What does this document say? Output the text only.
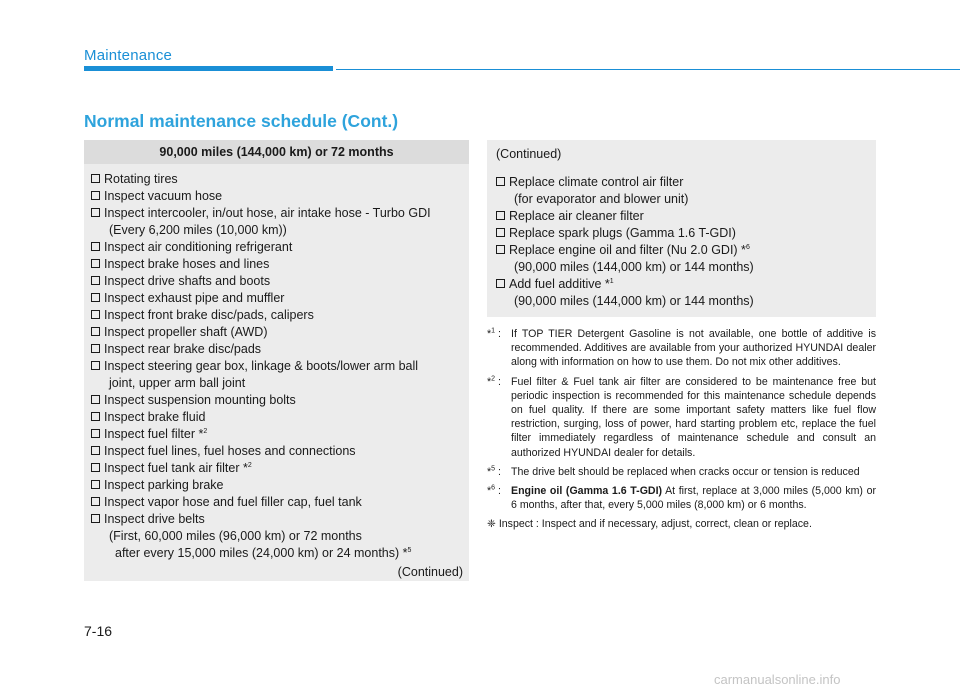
Maintenance
Normal maintenance schedule (Cont.)
90,000 miles (144,000 km) or 72 months
Rotating tires
Inspect vacuum hose
Inspect intercooler, in/out hose, air intake hose - Turbo GDI
(Every 6,200 miles (10,000 km))
Inspect air conditioning refrigerant
Inspect brake hoses and lines
Inspect drive shafts and boots
Inspect exhaust pipe and muffler
Inspect front brake disc/pads, calipers
Inspect propeller shaft (AWD)
Inspect rear brake disc/pads
Inspect steering gear box, linkage & boots/lower arm ball
joint, upper arm ball joint
Inspect suspension mounting bolts
Inspect brake fluid
Inspect fuel filter *$^2$
Inspect fuel lines, fuel hoses and connections
Inspect fuel tank air filter *$^2$
Inspect parking brake
Inspect vapor hose and fuel filler cap, fuel tank
Inspect drive belts
(First, 60,000 miles (96,000 km) or 72 months
after every 15,000 miles (24,000 km) or 24 months) *$^5$
(Continued)
(Continued)
Replace climate control air filter
(for evaporator and blower unit)
Replace air cleaner filter
Replace spark plugs (Gamma 1.6 T-GDI)
Replace engine oil and filter (Nu 2.0 GDI) *$^6$
(90,000 miles (144,000 km) or 144 months)
Add fuel additive *$^1$
(90,000 miles (144,000 km) or 144 months)
*$^1$ :If TOP TIER Detergent Gasoline is not available, one bottle of additive is recommended. Additives are available from your authorized HYUNDAI dealer along with information on how to use them. Do not mix other additives.
*$^2$ :Fuel filter & Fuel tank air filter are considered to be maintenance free but periodic inspection is recommended for this maintenance schedule depends on fuel quality. If there are some important safety matters like fuel flow restriction, surging, loss of power, hard starting problem etc, replace the fuel filter immediately regardless of maintenance schedule and consult an authorized HYUNDAI dealer for details.
*$^5$ :The drive belt should be replaced when cracks occur or tension is reduced
*$^6$ :Engine oil (Gamma 1.6 T-GDI) At first, replace at 3,000 miles (5,000 km) or 6 months, after that, every 5,000 miles (8,000 km) or 6 months.
❈ Inspect : Inspect and if necessary, adjust, correct, clean or replace.
7-16
carmanualsonline.info
